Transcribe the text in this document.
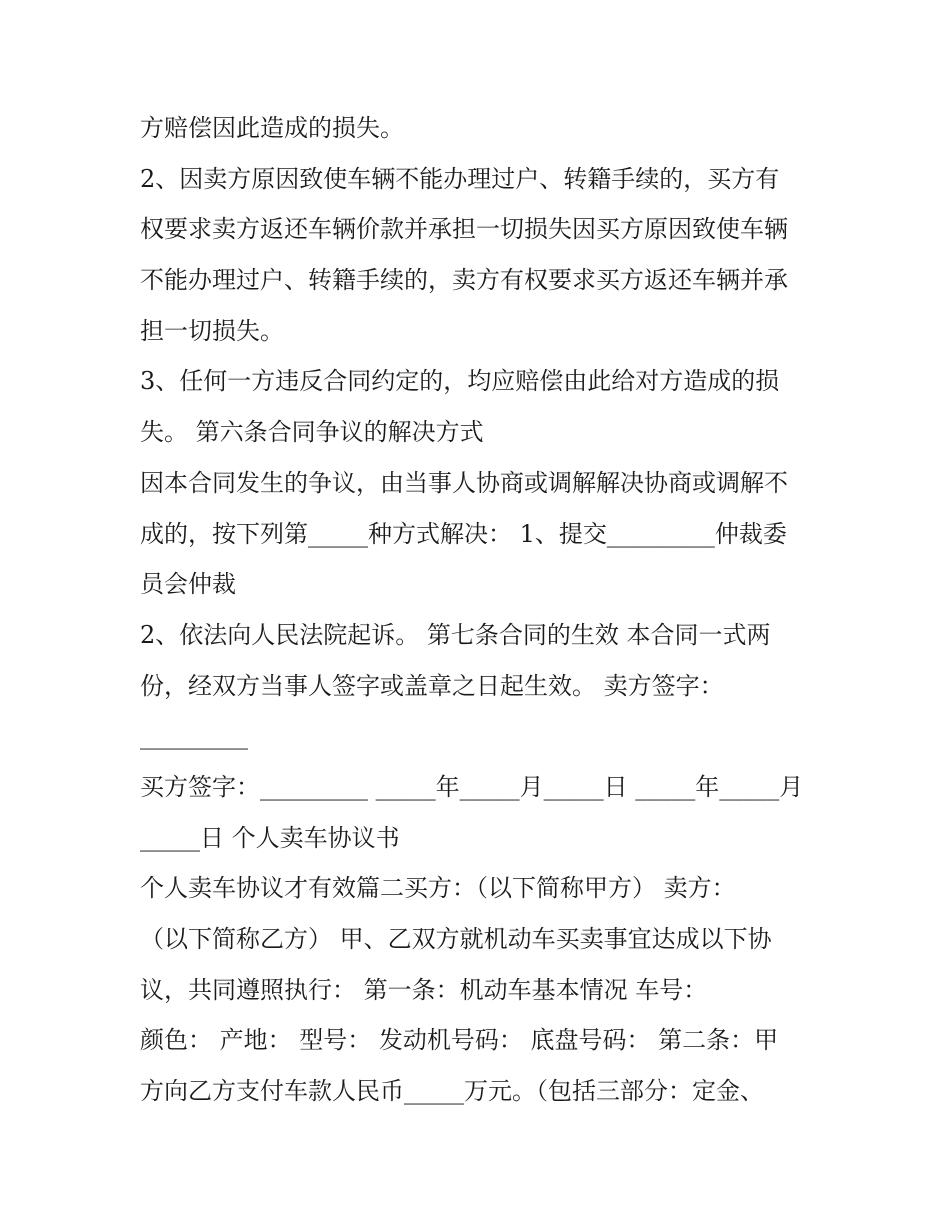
方赔偿因此造成的损失。
2、因卖方原因致使车辆不能办理过户、转籍手续的，买方有
权要求卖方返还车辆价款并承担一切损失因买方原因致使车辆
不能办理过户、转籍手续的，卖方有权要求买方返还车辆并承
担一切损失。
3、任何一方违反合同约定的，均应赔偿由此给对方造成的损
失。 第六条合同争议的解决方式
因本合同发生的争议，由当事人协商或调解解决协商或调解不
成的，按下列第_____种方式解决： 1、提交_________仲裁委
员会仲裁
2、依法向人民法院起诉。 第七条合同的生效 本合同一式两
份，经双方当事人签字或盖章之日起生效。 卖方签字：
_________
买方签字：_________ _____年_____月_____日 _____年_____月
_____日 个人卖车协议书
个人卖车协议才有效篇二买方：（以下简称甲方） 卖方：
（以下简称乙方） 甲、乙双方就机动车买卖事宜达成以下协
议，共同遵照执行： 第一条：机动车基本情况 车号：
颜色： 产地： 型号： 发动机号码： 底盘号码： 第二条：甲
方向乙方支付车款人民币_____万元。（包括三部分：定金、
